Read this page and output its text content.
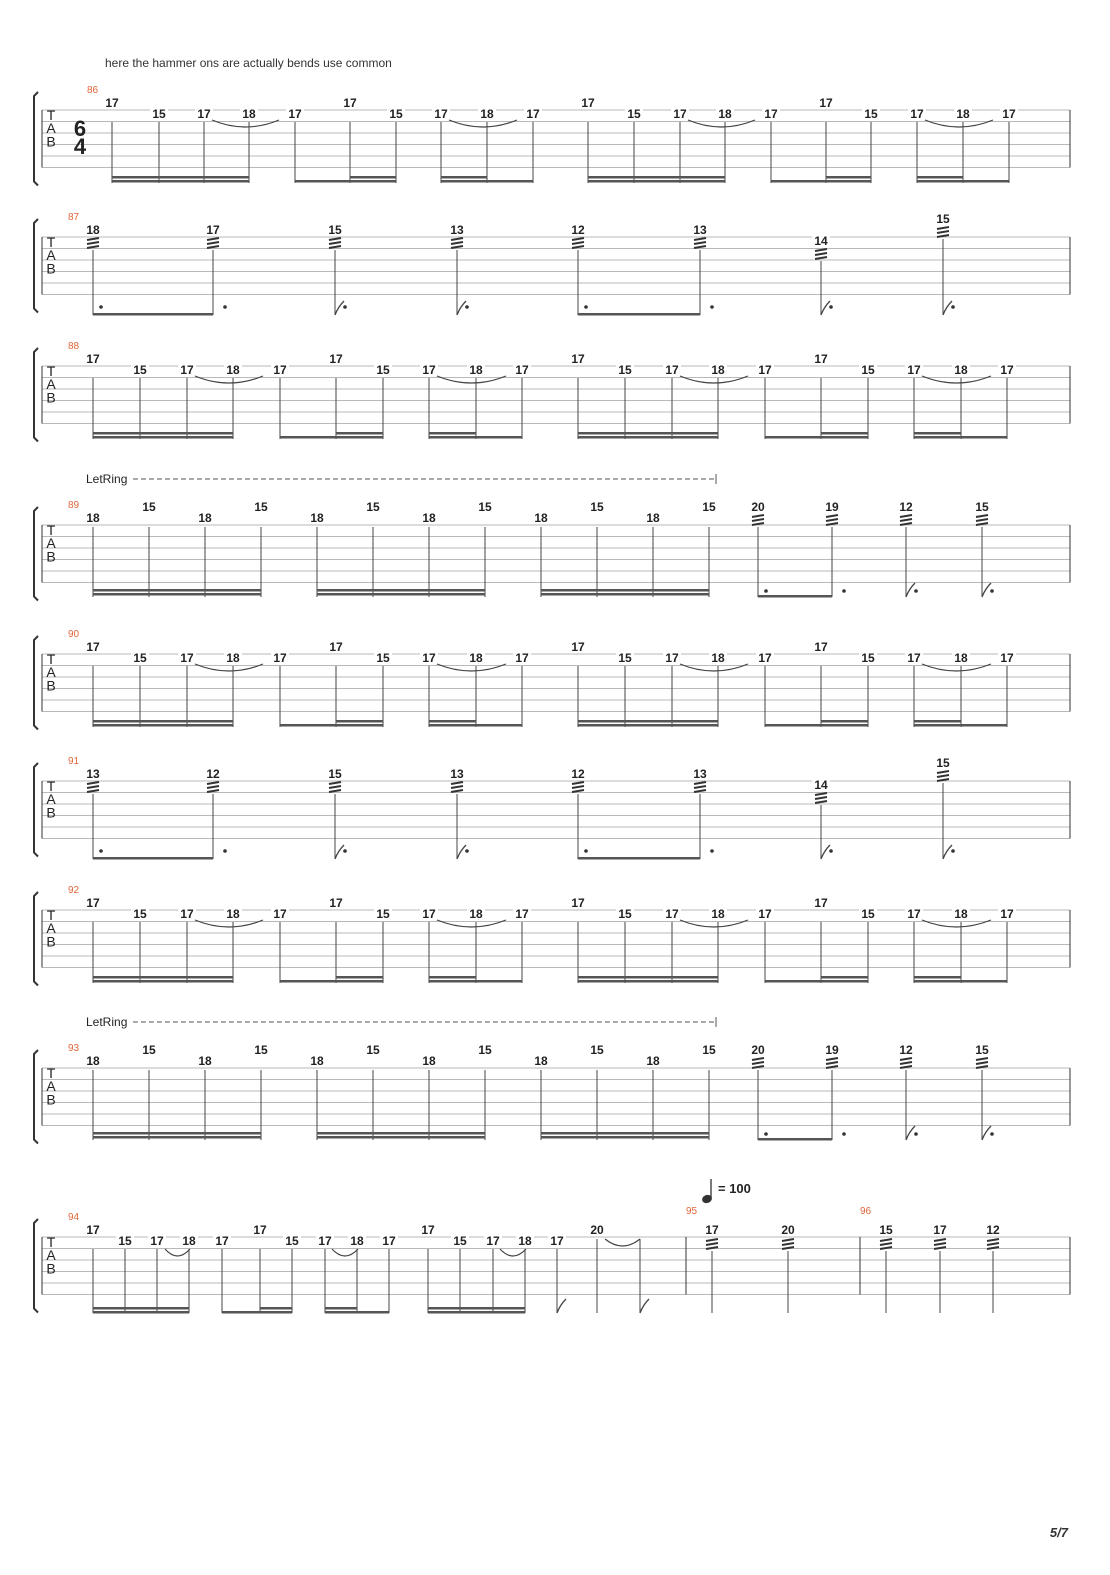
here the hammer ons are actually bends use common
T
A
B
86
17
15	17	18	17
17
15	17	18	17
17
15	17	18	17
17
15	17	18	17
6
4
T
A
B
87
18	17	15	13	12	13
14
15
T
A
B
88
17
15	17	18	17
17
15	17	18	17
17
15	17	18	17
17
15	17	18	17
T
A
B
89
LetRing
18
15
18
15
18
15
18
15
18
15
18
15	20	19	12	15
T
A
B
90
17
15	17	18	17
17
15	17	18	17
17
15	17	18	17
17
15	17	18	17
T
A
B
91
13	12	15	13	12	13
14
15
T
A
B
92
17
15	17	18	17
17
15	17	18	17
17
15	17	18	17
17
15	17	18	17
T
A
B
93
LetRing
18
15
18
15
18
15
18
15
18
15
18
15	20	19	12	15
T
A
B
94
17
15 17 18 17
17
15 17 18 17
17
15 17 18 17
20	17	20	15	17	12
95	96
= 100
5/7
